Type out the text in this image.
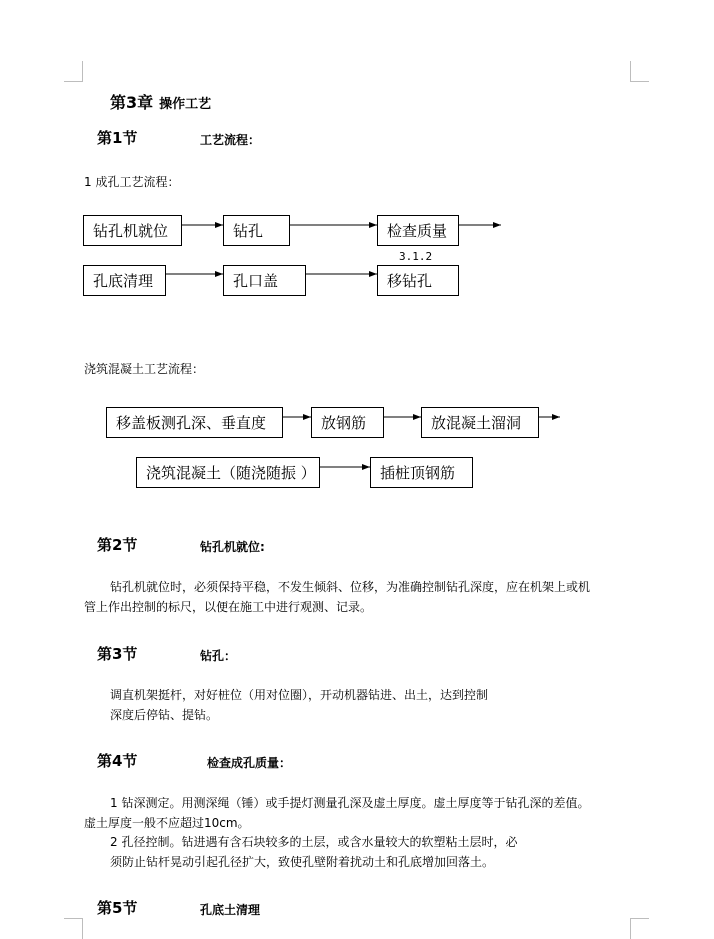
第3章 操作工艺
第1节	工艺流程：
1 成孔工艺流程：
钻孔机就位	钻孔	检查质量
3.1.2
孔底清理	孔口盖	移钻孔
浇筑混凝土工艺流程：
移盖板测孔深、垂直度	放钢筋	放混凝土溜洞
浇筑混凝土（随浇随振 ）	插桩顶钢筋
第2节	钻孔机就位:
钻孔机就位时，必须保持平稳，不发生倾斜、位移，为准确控制钻孔深度，应在机架上或机
管上作出控制的标尺，以便在施工中进行观测、记录。
第3节	钻孔：
调直机架挺杆，对好桩位（用对位圈），开动机器钻进、出土，达到控制
深度后停钻、提钻。
第4节	检查成孔质量：
1 钻深测定。用测深绳（锤）或手提灯测量孔深及虚土厚度。虚土厚度等于钻孔深的差值。
虚土厚度一般不应超过10cm。
2 孔径控制。钻进遇有含石块较多的土层，或含水量较大的软塑粘土层时，必
须防止钻杆晃动引起孔径扩大，致使孔壁附着扰动土和孔底增加回落土。
第5节	孔底土清理
